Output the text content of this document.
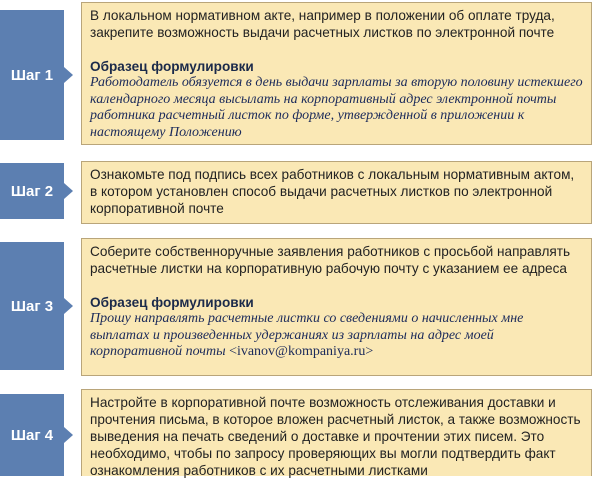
Шаг 1

В локальном нормативном акте, например в положении об оплате труда, закрепите возможность выдачи расчетных листков по электронной почте

Образец формулировки

Работодатель обязуется в день выдачи зарплаты за вторую половину истекшего календарного месяца высылать на корпоративный адрес электронной почты работника расчетный листок по форме, утвержденной в приложении к настоящему Положению

Шаг 2

Ознакомьте под подпись всех работников с локальным нормативным актом, в котором установлен способ выдачи расчетных листков по электронной корпоративной почте

Шаг 3

Соберите собственноручные заявления работников с просьбой направлять расчетные листки на корпоративную рабочую почту с указанием ее адреса

Образец формулировки

Прошу направлять расчетные листки со сведениями о начисленных мне выплатах и произведенных удержаниях из зарплаты на адрес моей корпоративной почты <ivanov@kompaniya.ru>

Шаг 4

Настройте в корпоративной почте возможность отслеживания доставки и прочтения письма, в которое вложен расчетный листок, а также возможность выведения на печать сведений о доставке и прочтении этих писем. Это необходимо, чтобы по запросу проверяющих вы могли подтвердить факт ознакомления работников с их расчетными листками
